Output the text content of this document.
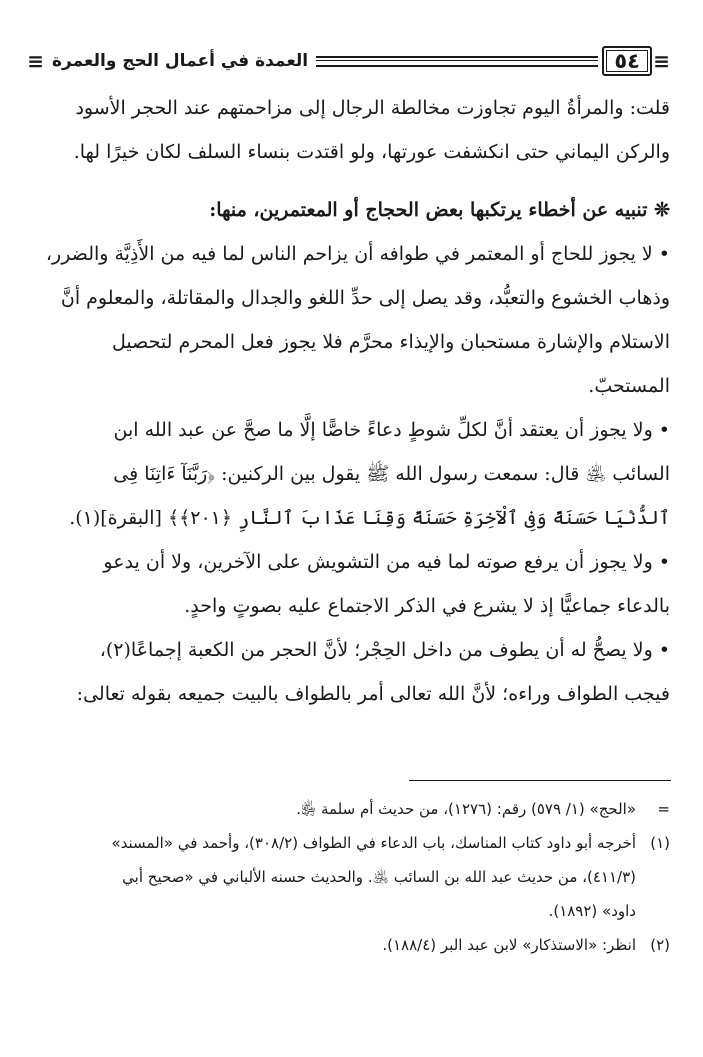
≡
٥٤
العمدة في أعمال الحج والعمرة
≡

قلت: والمرأةُ اليوم تجاوزت مخالطة الرجال إلى مزاحمتهم عند الحجر الأسود

والركن اليماني حتى انكشفت عورتها، ولو اقتدت بنساء السلف لكان خيرًا لها.

❊ تنبيه عن أخطاء يرتكبها بعض الحجاج أو المعتمرين، منها:

• لا يجوز للحاج أو المعتمر في طوافه أن يزاحم الناس لما فيه من الأَذِيَّة والضرر،

وذهاب الخشوع والتعبُّد، وقد يصل إلى حدِّ اللغو والجدال والمقاتلة، والمعلوم أنَّ

الاستلام والإشارة مستحبان والإيذاء محرَّم فلا يجوز فعل المحرم لتحصيل

المستحبّ.

• ولا يجوز أن يعتقد أنَّ لكلِّ شوطٍ دعاءً خاصًّا إلَّا ما صحَّ عن عبد الله ابن

السائب ﵁ قال: سمعت رسول الله ﷺ يقول بين الركنين: ﴿رَبَّنَآ ءَاتِنَا فِى

ٱلدُّنْيَا حَسَنَةً وَفِى ٱلْآخِرَةِ حَسَنَةً وَقِنَا عَذَابَ ٱلنَّارِ ﴿٢٠١﴾﴾ [البقرة](١).

• ولا يجوز أن يرفع صوته لما فيه من التشويش على الآخرين، ولا أن يدعو

بالدعاء جماعيًّا إذ لا يشرع في الذكر الاجتماع عليه بصوتٍ واحدٍ.

• ولا يصحُّ له أن يطوف من داخل الحِجْر؛ لأنَّ الحجر من الكعبة إجماعًا(٢)،

فيجب الطواف وراءه؛ لأنَّ الله تعالى أمر بالطواف بالبيت جميعه بقوله تعالى:

=«الحج» (١/ ٥٧٩) رقم: (١٢٧٦)، من حديث أم سلمة ﵂.

(١)أخرجه أبو داود كتاب المناسك، باب الدعاء في الطواف (٣٠٨/٢)، وأحمد في «المسند»

(٤١١/٣)، من حديث عبد الله بن السائب ﵁. والحديث حسنه الألباني في «صحيح أبي

داود» (١٨٩٢).

(٢)انظر: «الاستذكار» لابن عبد البر (١٨٨/٤).
